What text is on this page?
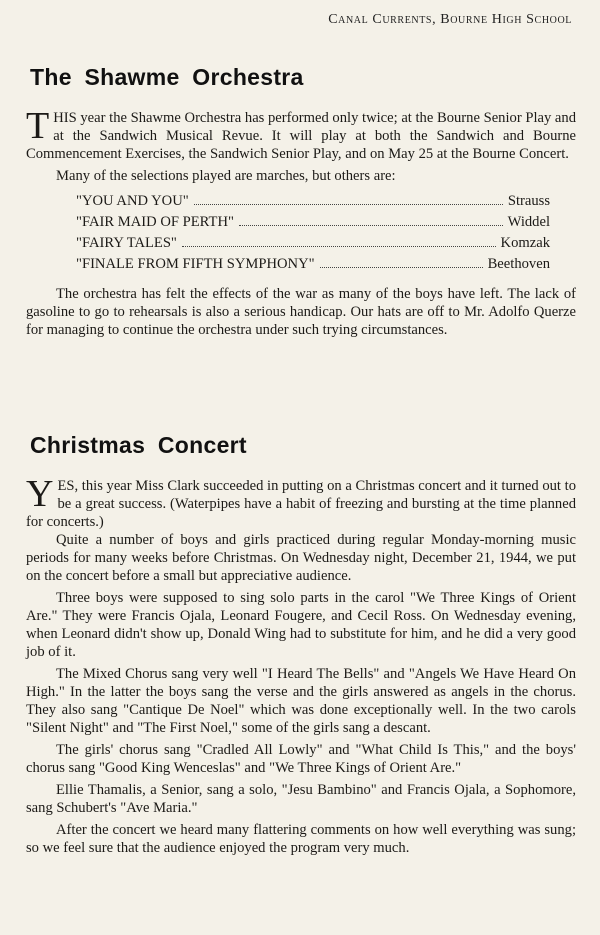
Canal Currents, Bourne High School
The Shawme Orchestra

THIS year the Shawme Orchestra has performed only twice; at the Bourne Senior Play and at the Sandwich Musical Revue. It will play at both the Sandwich and Bourne Commencement Exercises, the Sandwich Senior Play, and on May 25 at the Bourne Concert.

Many of the selections played are marches, but others are:

"YOU AND YOU"	Strauss
"FAIR MAID OF PERTH"	Widdel
"FAIRY TALES"	Komzak
"FINALE FROM FIFTH SYMPHONY"	Beethoven

The orchestra has felt the effects of the war as many of the boys have left. The lack of gasoline to go to rehearsals is also a serious handicap. Our hats are off to Mr. Adolfo Querze for managing to continue the orchestra under such trying circumstances.

Christmas Concert

YES, this year Miss Clark succeeded in putting on a Christmas concert and it turned out to be a great success. (Waterpipes have a habit of freezing and bursting at the time planned for concerts.)

Quite a number of boys and girls practiced during regular Monday-morning music periods for many weeks before Christmas. On Wednesday night, December 21, 1944, we put on the concert before a small but appreciative audience.

Three boys were supposed to sing solo parts in the carol "We Three Kings of Orient Are." They were Francis Ojala, Leonard Fougere, and Cecil Ross. On Wednesday evening, when Leonard didn't show up, Donald Wing had to substitute for him, and he did a very good job of it.

The Mixed Chorus sang very well "I Heard The Bells" and "Angels We Have Heard On High." In the latter the boys sang the verse and the girls answered as angels in the chorus. They also sang "Cantique De Noel" which was done exceptionally well. In the two carols "Silent Night" and "The First Noel," some of the girls sang a descant.

The girls' chorus sang "Cradled All Lowly" and "What Child Is This," and the boys' chorus sang "Good King Wenceslas" and "We Three Kings of Orient Are."

Ellie Thamalis, a Senior, sang a solo, "Jesu Bambino" and Francis Ojala, a Sophomore, sang Schubert's "Ave Maria."

After the concert we heard many flattering comments on how well everything was sung; so we feel sure that the audience enjoyed the program very much.
